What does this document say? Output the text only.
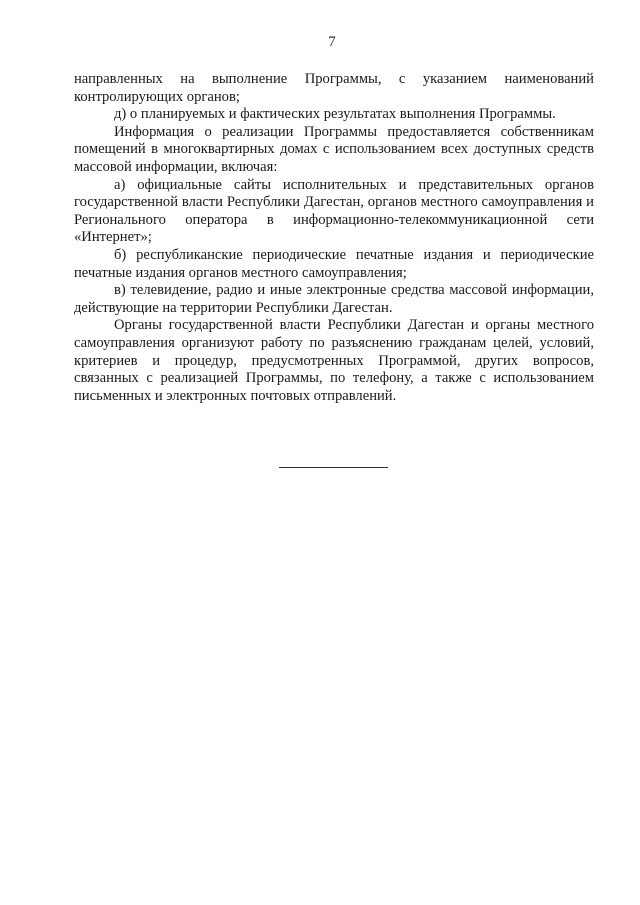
7

направленных на выполнение Программы, с указанием наименований контролирующих органов;

д) о планируемых и фактических результатах выполнения Программы.

Информация о реализации Программы предоставляется собственникам помещений в многоквартирных домах с использованием всех доступных средств массовой информации, включая:

а) официальные сайты исполнительных и представительных органов государственной власти Республики Дагестан, органов местного самоуправления и Регионального оператора в информационно-телекоммуникационной сети «Интернет»;

б) республиканские периодические печатные издания и периодические печатные издания органов местного самоуправления;

в) телевидение, радио и иные электронные средства массовой информации, действующие на территории Республики Дагестан.

Органы государственной власти Республики Дагестан и органы местного самоуправления организуют работу по разъяснению гражданам целей, условий, критериев и процедур, предусмотренных Программой, других вопросов, связанных с реализацией Программы, по телефону, а также с использованием письменных и электронных почтовых отправлений.
